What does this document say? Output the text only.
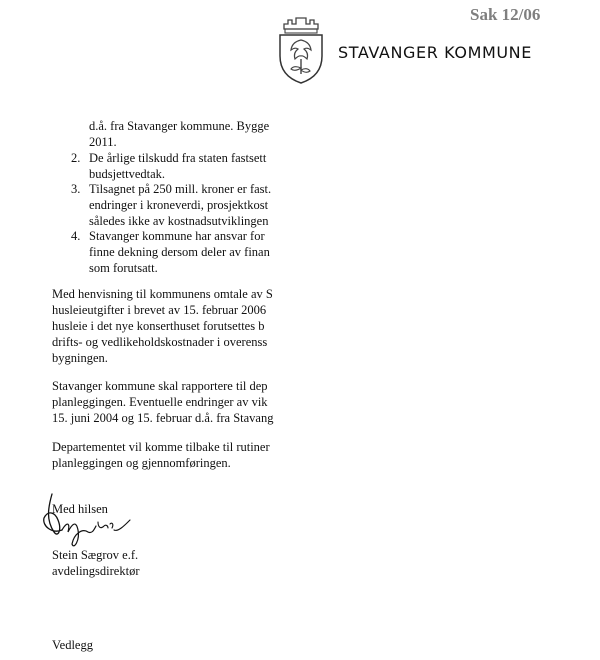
Sak 12/06
STAVANGER KOMMUNE
d.å. fra Stavanger kommune. Bygge
2011.
2. De årlige tilskudd fra staten fastsett
budsjettvedtak.
3. Tilsagnet på 250 mill. kroner er fast.
endringer i kroneverdi, prosjektkost
således ikke av kostnadsutviklingen
4. Stavanger kommune har ansvar for
finne dekning dersom deler av finan
som forutsatt.
Med henvisning til kommunens omtale av S
husleieutgifter i brevet av 15. februar 2006
husleie i det nye konserthuset forutsettes b
drifts- og vedlikeholdskostnader i overenss
bygningen.
Stavanger kommune skal rapportere til dep
planleggingen. Eventuelle endringer av vik
15. juni 2004 og 15. februar d.å. fra Stavang
Departementet vil komme tilbake til rutiner
planleggingen og gjennomføringen.
Med hilsen
Stein Sægrov e.f.
avdelingsdirektør
Vedlegg
